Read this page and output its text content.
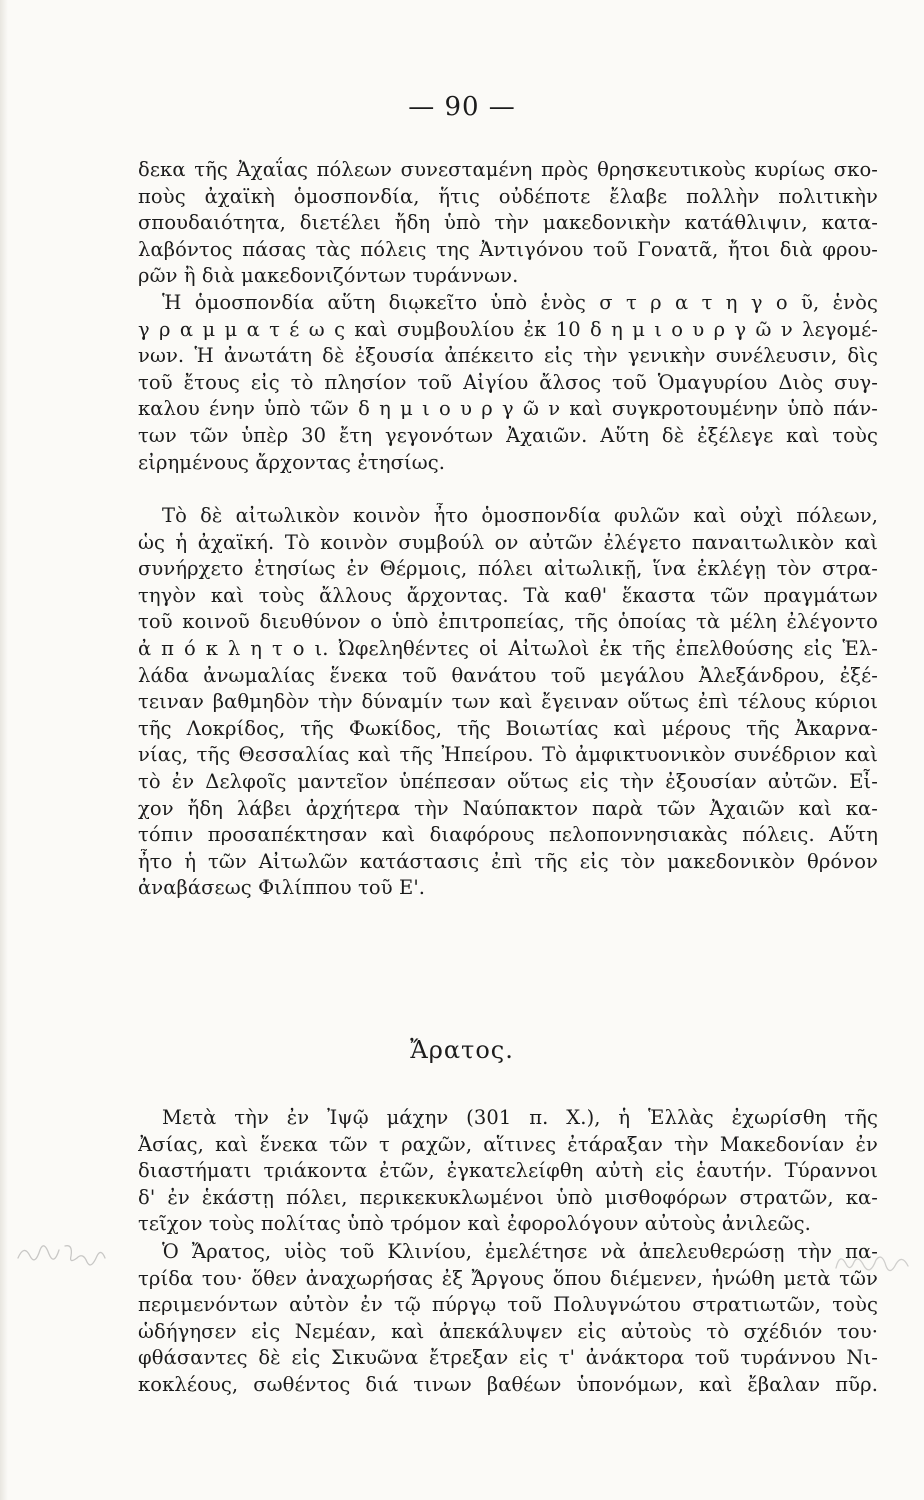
— 90 —
δεκα τῆς Ἀχαΐας πόλεων συνεσταμένη πρὸς θρησκευτικοὺς κυρίως σκο-
ποὺς ἀχαϊκὴ ὁμοσπονδία, ἥτις οὐδέποτε ἔλαβε πολλὴν πολιτικὴν
σπουδαιότητα, διετέλει ἤδη ὑπὸ τὴν μακεδονικὴν κατάθλιψιν, κατα-
λαβόντος πάσας τὰς πόλεις της Ἀντιγόνου τοῦ Γονατᾶ, ἤτοι διὰ φρου-
ρῶν ἢ διὰ μακεδονιζόντων τυράννων.
Ἡ ὁμοσπονδία αὕτη διῳκεῖτο ὑπὸ ἑνὸς σ τ ρ α τ η γ ο ῦ, ἑνὸς
γ ρ α μ μ α τ έ ω ς καὶ συμβουλίου ἐκ 10 δ η μ ι ο υ ρ γ ῶ ν λεγομέ-
νων. Ἡ ἀνωτάτη δὲ ἐξουσία ἀπέκειτο εἰς τὴν γενικὴν συνέλευσιν, δὶς
τοῦ ἔτους εἰς τὸ πλησίον τοῦ Αἰγίου ἄλσος τοῦ Ὁμαγυρίου Διὸς συγ-
καλου ένην ὑπὸ τῶν δ η μ ι ο υ ρ γ ῶ ν καὶ συγκροτουμένην ὑπὸ πάν-
των τῶν ὑπὲρ 30 ἔτη γεγονότων Ἀχαιῶν. Αὕτη δὲ ἐξέλεγε καὶ τοὺς
εἰρημένους ἄρχοντας ἐτησίως.
Τὸ δὲ αἰτωλικὸν κοινὸν ἦτο ὁμοσπονδία φυλῶν καὶ οὐχὶ πόλεων,
ὡς ἡ ἀχαϊκή. Τὸ κοινὸν συμβούλ ον αὐτῶν ἐλέγετο παναιτωλικὸν καὶ
συνήρχετο ἐτησίως ἐν Θέρμοις, πόλει αἰτωλικῇ, ἵνα ἐκλέγῃ τὸν στρα-
τηγὸν καὶ τοὺς ἄλλους ἄρχοντας. Τὰ καθ' ἕκαστα τῶν πραγμάτων
τοῦ κοινοῦ διευθύνον ο ὑπὸ ἐπιτροπείας, τῆς ὁποίας τὰ μέλη ἐλέγοντο
ἀ π ό κ λ η τ ο ι. Ὠφεληθέντες οἱ Αἰτωλοὶ ἐκ τῆς ἐπελθούσης εἰς Ἑλ-
λάδα ἀνωμαλίας ἕνεκα τοῦ θανάτου τοῦ μεγάλου Ἀλεξάνδρου, ἐξέ-
τειναν βαθμηδὸν τὴν δύναμίν των καὶ ἔγειναν οὕτως ἐπὶ τέλους κύριοι
τῆς Λοκρίδος, τῆς Φωκίδος, τῆς Βοιωτίας καὶ μέρους τῆς Ἀκαρνα-
νίας, τῆς Θεσσαλίας καὶ τῆς Ἠπείρου. Τὸ ἀμφικτυονικὸν συνέδριον καὶ
τὸ ἐν Δελφοῖς μαντεῖον ὑπέπεσαν οὕτως εἰς τὴν ἐξουσίαν αὐτῶν. Εἶ-
χον ἤδη λάβει ἀρχήτερα τὴν Ναύπακτον παρὰ τῶν Ἀχαιῶν καὶ κα-
τόπιν προσαπέκτησαν καὶ διαφόρους πελοποννησιακὰς πόλεις. Αὕτη
ἦτο ἡ τῶν Αἰτωλῶν κατάστασις ἐπὶ τῆς εἰς τὸν μακεδονικὸν θρόνον
ἀναβάσεως Φιλίππου τοῦ Ε'.
Ἄρατος.
Μετὰ τὴν ἐν Ἰψῷ μάχην (301 π. Χ.), ἡ Ἑλλὰς ἐχωρίσθη τῆς
Ἀσίας, καὶ ἕνεκα τῶν τ ραχῶν, αἵτινες ἐτάραξαν τὴν Μακεδονίαν ἐν
διαστήματι τριάκοντα ἐτῶν, ἐγκατελείφθη αὐτὴ εἰς ἑαυτήν. Τύραννοι
δ' ἐν ἑκάστῃ πόλει, περικεκυκλωμένοι ὑπὸ μισθοφόρων στρατῶν, κα-
τεῖχον τοὺς πολίτας ὑπὸ τρόμον καὶ ἐφορολόγουν αὐτοὺς ἀνιλεῶς.
Ὁ Ἄρατος, υἱὸς τοῦ Κλινίου, ἐμελέτησε νὰ ἀπελευθερώσῃ τὴν πα-
τρίδα του· ὅθεν ἀναχωρήσας ἐξ Ἄργους ὅπου διέμενεν, ἡνώθη μετὰ τῶν
περιμενόντων αὐτὸν ἐν τῷ πύργῳ τοῦ Πολυγνώτου στρατιωτῶν, τοὺς
ὡδήγησεν εἰς Νεμέαν, καὶ ἀπεκάλυψεν εἰς αὐτοὺς τὸ σχέδιόν του·
φθάσαντες δὲ εἰς Σικυῶνα ἔτρεξαν εἰς τ' ἀνάκτορα τοῦ τυράννου Νι-
κοκλέους, σωθέντος διά τινων βαθέων ὑπονόμων, καὶ ἔβαλαν πῦρ.
